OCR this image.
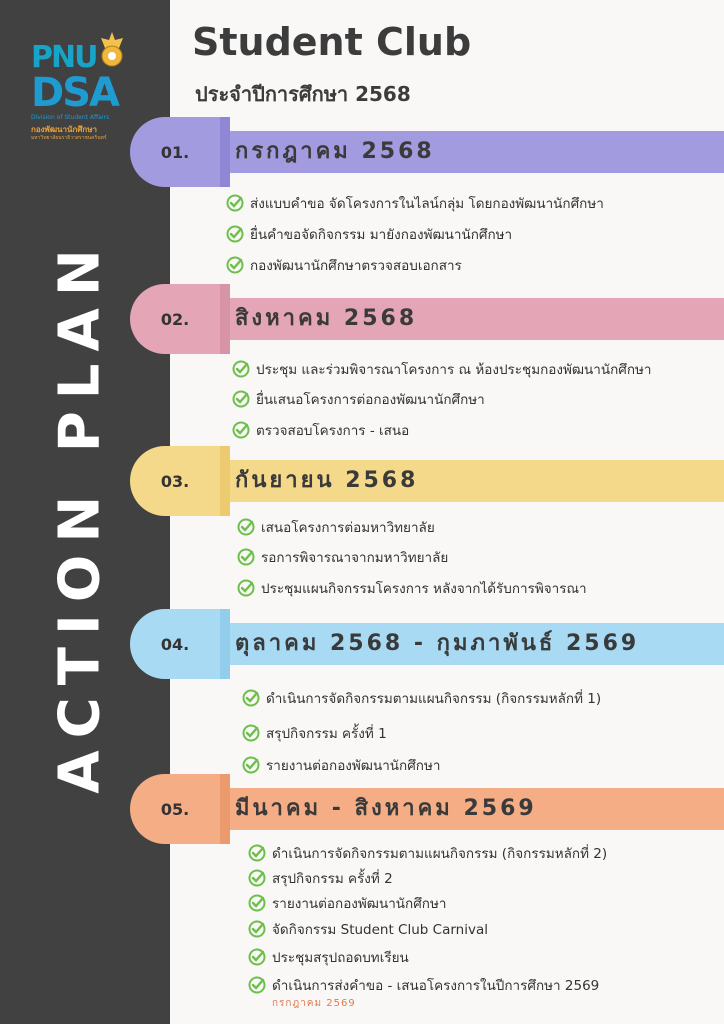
PNU
DSA
Division of Student Affairs
กองพัฒนานักศึกษา
มหาวิทยาลัยนราธิวาสราชนครินทร์
ACTION PLAN
Student Club
ประจำปีการศึกษา 2568
01.	กรกฎาคม 2568
ส่งแบบคำขอ จัดโครงการในไลน์กลุ่ม โดยกองพัฒนานักศึกษา
ยื่นคำขอจัดกิจกรรม มายังกองพัฒนานักศึกษา
กองพัฒนานักศึกษาตรวจสอบเอกสาร
02.	สิงหาคม 2568
ประชุม และร่วมพิจารณาโครงการ ณ ห้องประชุมกองพัฒนานักศึกษา
ยื่นเสนอโครงการต่อกองพัฒนานักศึกษา
ตรวจสอบโครงการ - เสนอ
03.	กันยายน 2568
เสนอโครงการต่อมหาวิทยาลัย
รอการพิจารณาจากมหาวิทยาลัย
ประชุมแผนกิจกรรมโครงการ หลังจากได้รับการพิจารณา
04.	ตุลาคม 2568 - กุมภาพันธ์ 2569
ดำเนินการจัดกิจกรรมตามแผนกิจกรรม (กิจกรรมหลักที่ 1)
สรุปกิจกรรม ครั้งที่ 1
รายงานต่อกองพัฒนานักศึกษา
05.	มีนาคม - สิงหาคม 2569
ดำเนินการจัดกิจกรรมตามแผนกิจกรรม (กิจกรรมหลักที่ 2)
สรุปกิจกรรม ครั้งที่ 2
รายงานต่อกองพัฒนานักศึกษา
จัดกิจกรรม Student Club Carnival
ประชุมสรุปถอดบทเรียน
ดำเนินการส่งคำขอ - เสนอโครงการในปีการศึกษา 2569
กรกฎาคม 2569
